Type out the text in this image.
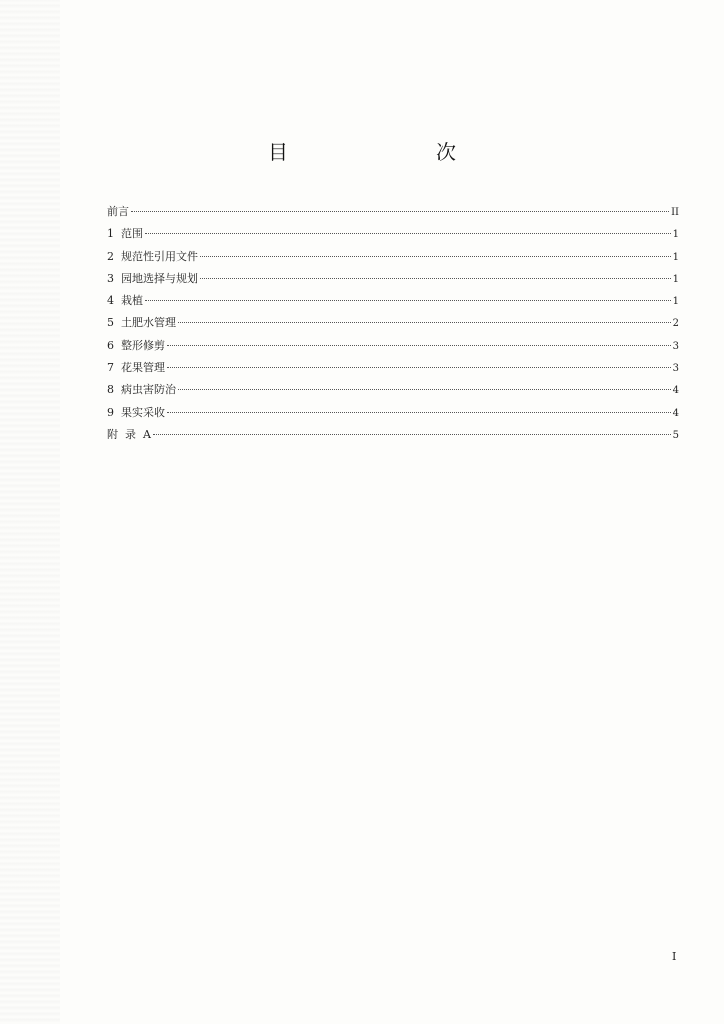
目　　次
前言	II
1  范围	1
2  规范性引用文件	1
3  园地选择与规划	1
4  栽植	1
5  土肥水管理	2
6  整形修剪	3
7  花果管理	3
8  病虫害防治	4
9  果实采收	4
附  录  A	5
I
